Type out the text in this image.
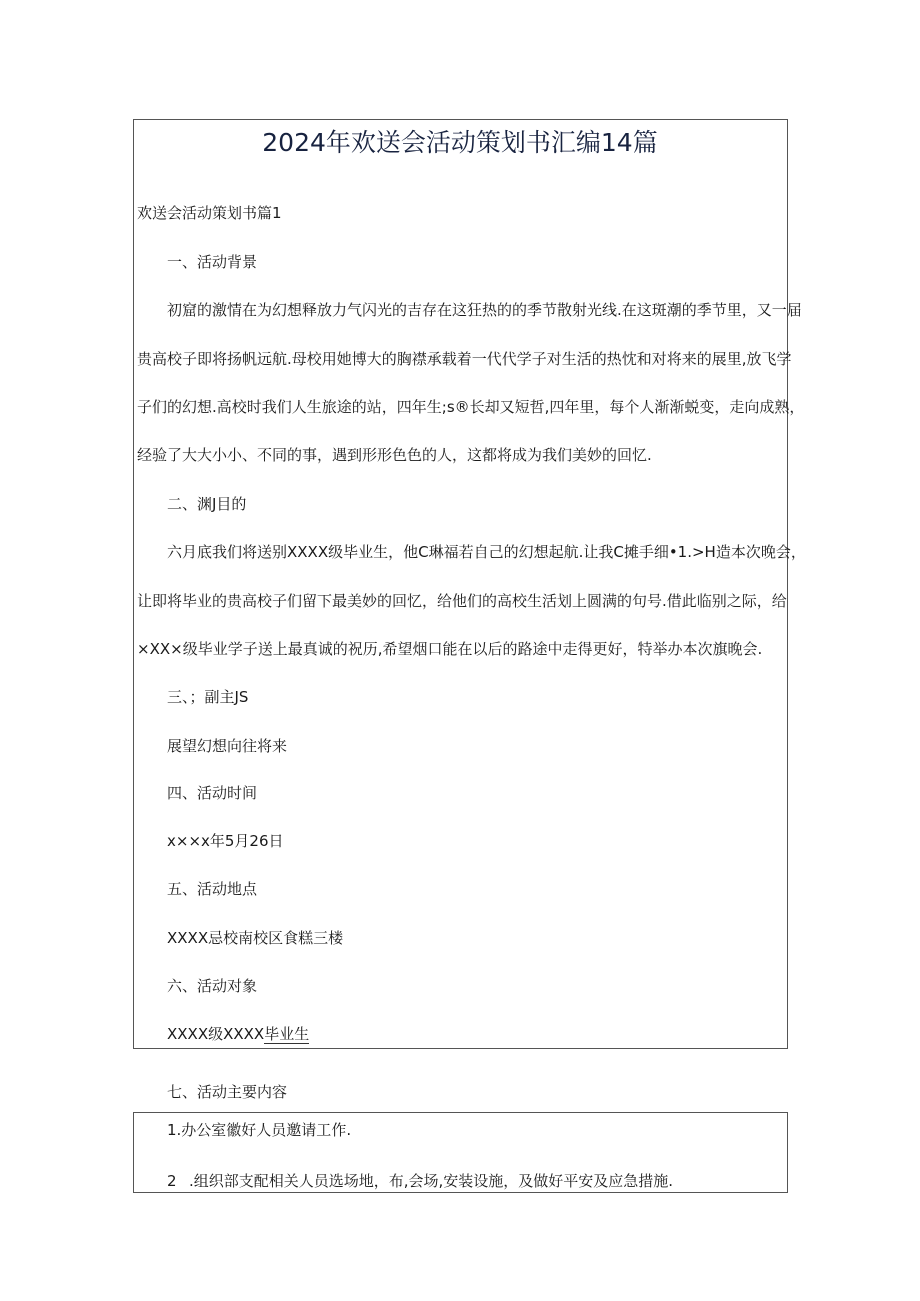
2024年欢送会活动策划书汇编14篇
欢送会活动策划书篇1
一、活动背景
初窟的激情在为幻想释放力气闪光的吉存在这狂热的的季节散射光线.在这斑潮的季节里，又一届
贵高校子即将扬帆远航.母校用她博大的胸襟承载着一代代学子对生活的热忱和对将来的展里,放飞学
子们的幻想.高校时我们人生旅途的站，四年生;s®长却又短哲,四年里，每个人渐渐蜕变，走向成熟，
经验了大大小小、不同的事，遇到形形色色的人，这都将成为我们美妙的回忆.
二、渊J目的
六月底我们将送别XXXX级毕业生，他C琳福若自己的幻想起航.让我C摊手细•1.>H造本次晚会，
让即将毕业的贵高校子们留下最美妙的回忆，给他们的高校生活划上圆满的句号.借此临别之际，给
×XX×级毕业学子送上最真诚的祝历,希望烟口能在以后的路途中走得更好，特举办本次旗晚会.
三、；副主JS
展望幻想向往将来
四、活动时间
x××x年5月26日
五、活动地点
XXXX忌校南校区食糕三楼
六、活动对象
XXXX级XXXX毕业生
七、活动主要内容
1.办公室徽好人员邀请工作.
2 .组织部支配相关人员选场地，布,会场,安装设施，及做好平安及应急措施.
